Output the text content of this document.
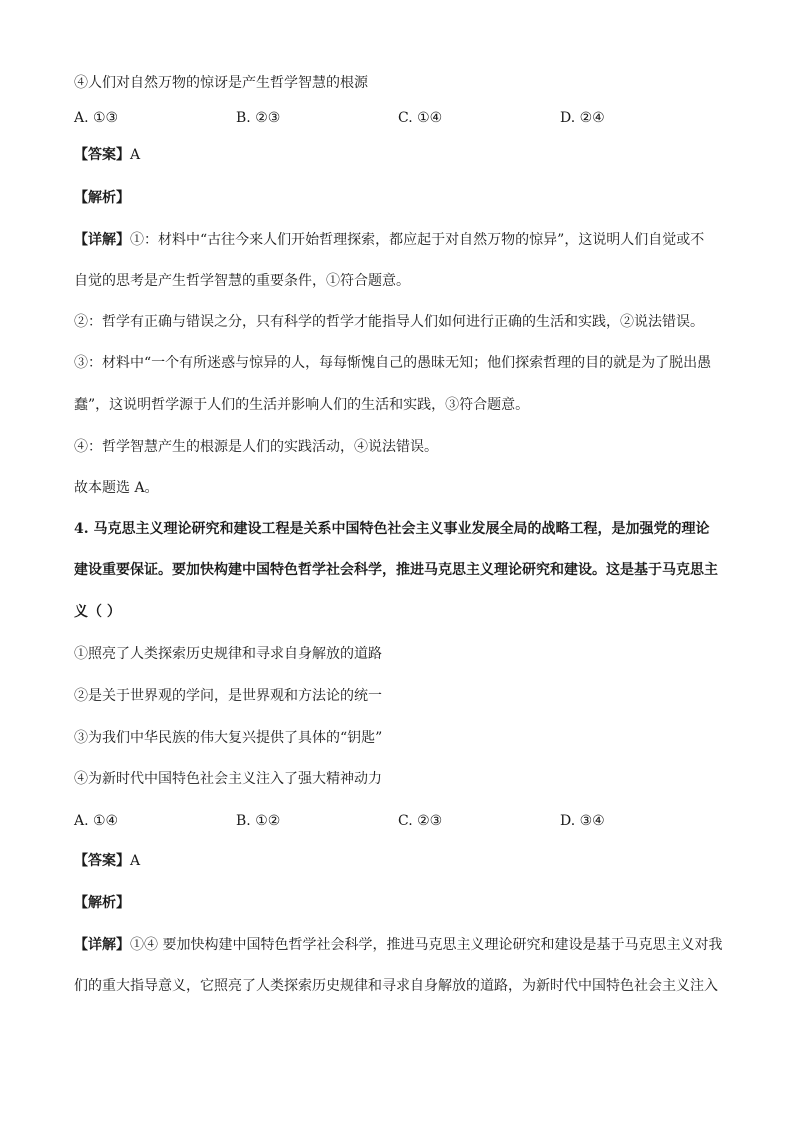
④人们对自然万物的惊讶是产生哲学智慧的根源
A. ①③	B. ②③	C. ①④	D. ②④
【答案】A
【解析】
【详解】①：材料中“古往今来人们开始哲理探索，都应起于对自然万物的惊异”，这说明人们自觉或不
自觉的思考是产生哲学智慧的重要条件，①符合题意。
②：哲学有正确与错误之分，只有科学的哲学才能指导人们如何进行正确的生活和实践，②说法错误。
③：材料中“一个有所迷惑与惊异的人，每每惭愧自己的愚昧无知；他们探索哲理的目的就是为了脱出愚
蠢”，这说明哲学源于人们的生活并影响人们的生活和实践，③符合题意。
④：哲学智慧产生的根源是人们的实践活动，④说法错误。
故本题选 A。
4. 马克思主义理论研究和建设工程是关系中国特色社会主义事业发展全局的战略工程，是加强党的理论
建设重要保证。要加快构建中国特色哲学社会科学，推进马克思主义理论研究和建设。这是基于马克思主
义（ ）
①照亮了人类探索历史规律和寻求自身解放的道路
②是关于世界观的学问，是世界观和方法论的统一
③为我们中华民族的伟大复兴提供了具体的“钥匙”
④为新时代中国特色社会主义注入了强大精神动力
A. ①④	B. ①②	C. ②③	D. ③④
【答案】A
【解析】
【详解】①④ 要加快构建中国特色哲学社会科学，推进马克思主义理论研究和建设是基于马克思主义对我
们的重大指导意义，它照亮了人类探索历史规律和寻求自身解放的道路，为新时代中国特色社会主义注入
